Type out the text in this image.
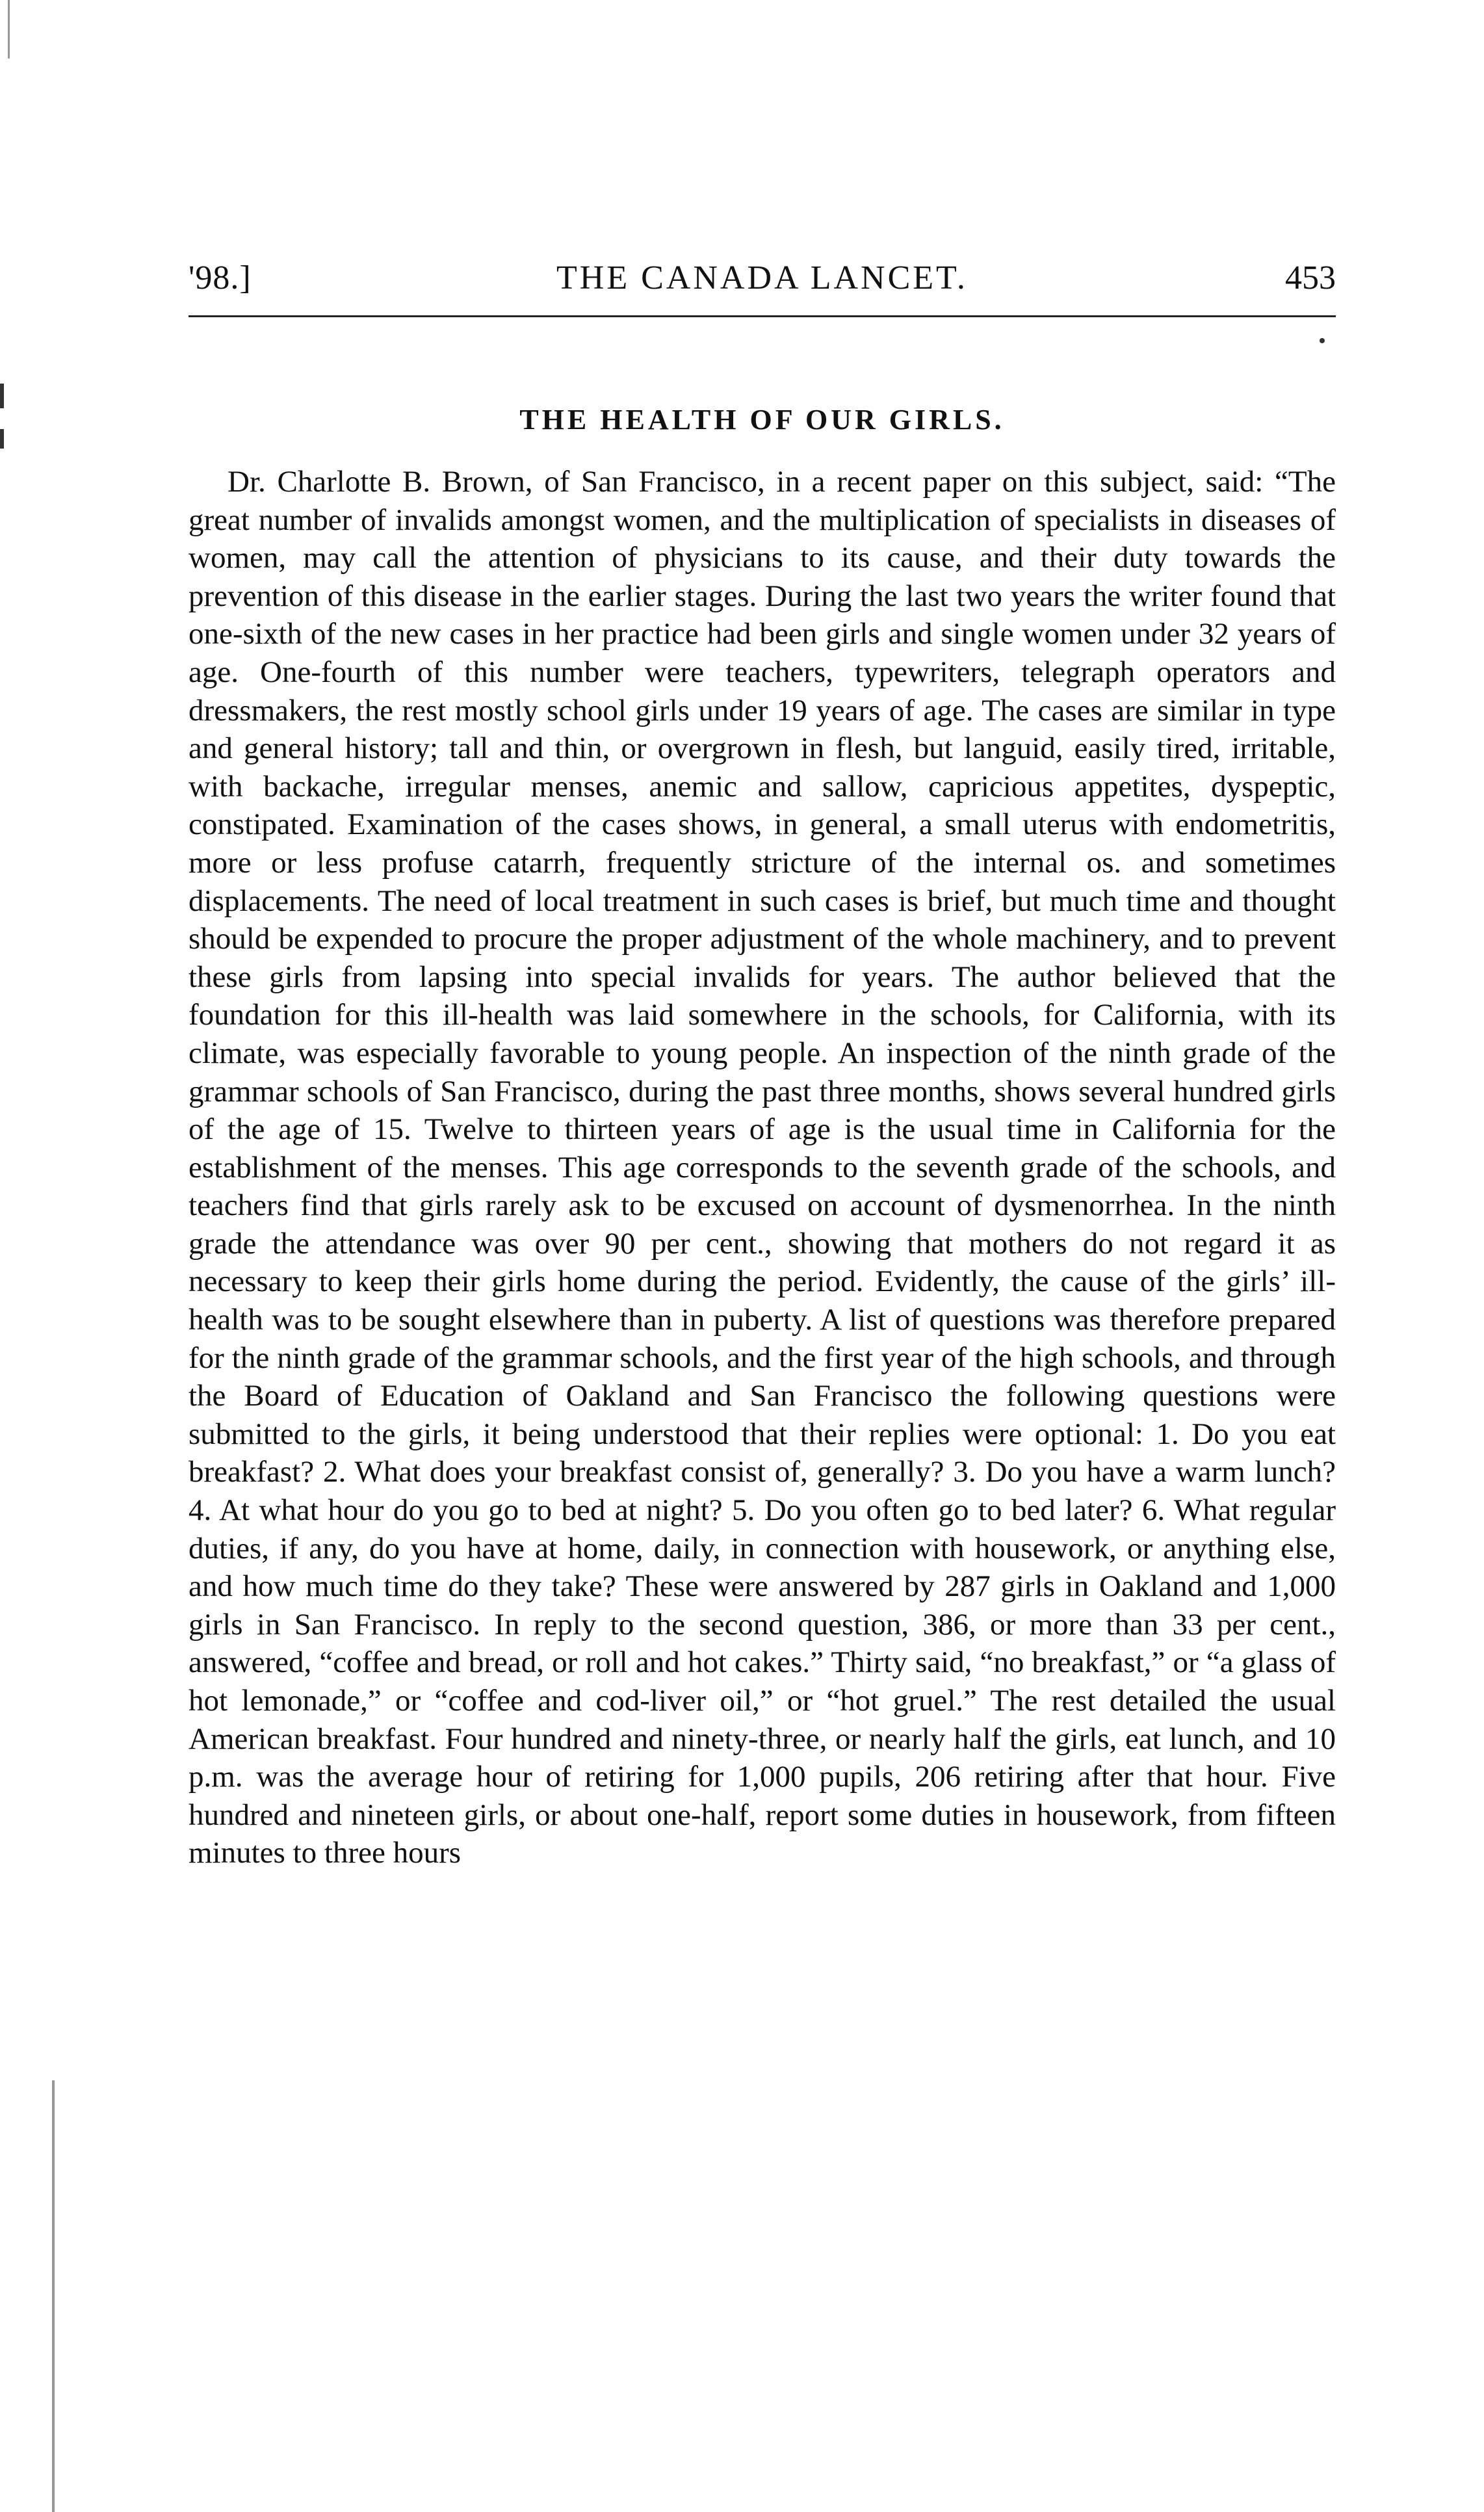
'98.]	THE CANADA LANCET.	453
THE HEALTH OF OUR GIRLS.

Dr. Charlotte B. Brown, of San Francisco, in a recent paper on this subject, said: “The great number of invalids amongst women, and the multiplication of specialists in diseases of women, may call the attention of physicians to its cause, and their duty towards the prevention of this disease in the earlier stages. During the last two years the writer found that one-sixth of the new cases in her practice had been girls and single women under 32 years of age. One-fourth of this number were teachers, typewriters, telegraph operators and dressmakers, the rest mostly school girls under 19 years of age. The cases are similar in type and general history; tall and thin, or overgrown in flesh, but languid, easily tired, irritable, with backache, irregular menses, anemic and sallow, capricious appetites, dyspeptic, constipated. Examination of the cases shows, in general, a small uterus with endometritis, more or less profuse catarrh, frequently stricture of the internal os. and sometimes displacements. The need of local treatment in such cases is brief, but much time and thought should be expended to procure the proper adjustment of the whole machinery, and to prevent these girls from lapsing into special invalids for years. The author believed that the foundation for this ill-health was laid somewhere in the schools, for California, with its climate, was especially favorable to young people. An inspection of the ninth grade of the grammar schools of San Francisco, during the past three months, shows several hundred girls of the age of 15. Twelve to thirteen years of age is the usual time in California for the establishment of the menses. This age corresponds to the seventh grade of the schools, and teachers find that girls rarely ask to be excused on account of dysmenorrhea. In the ninth grade the attendance was over 90 per cent., showing that mothers do not regard it as necessary to keep their girls home during the period. Evidently, the cause of the girls’ ill-health was to be sought elsewhere than in puberty. A list of questions was therefore prepared for the ninth grade of the grammar schools, and the first year of the high schools, and through the Board of Education of Oakland and San Francisco the following questions were submitted to the girls, it being understood that their replies were optional: 1. Do you eat breakfast? 2. What does your breakfast consist of, generally? 3. Do you have a warm lunch? 4. At what hour do you go to bed at night? 5. Do you often go to bed later? 6. What regular duties, if any, do you have at home, daily, in connection with housework, or anything else, and how much time do they take? These were answered by 287 girls in Oakland and 1,000 girls in San Francisco. In reply to the second question, 386, or more than 33 per cent., answered, “coffee and bread, or roll and hot cakes.” Thirty said, “no breakfast,” or “a glass of hot lemonade,” or “coffee and cod-liver oil,” or “hot gruel.” The rest detailed the usual American breakfast. Four hundred and ninety-three, or nearly half the girls, eat lunch, and 10 p.m. was the average hour of retiring for 1,000 pupils, 206 retiring after that hour. Five hundred and nineteen girls, or about one-half, report some duties in housework, from fifteen minutes to three hours
